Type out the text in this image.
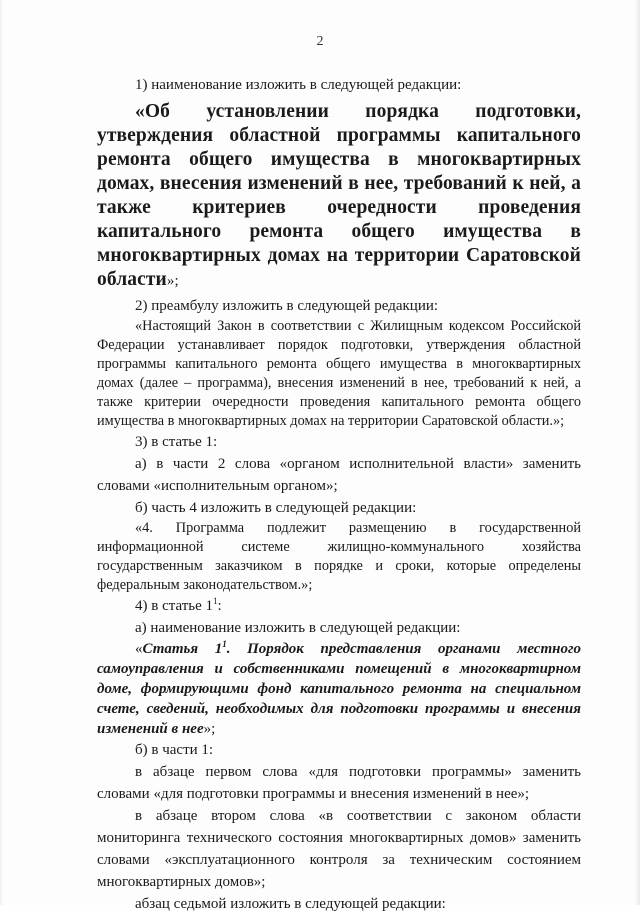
2

1) наименование изложить в следующей редакции:

«Об установлении порядка подготовки, утверждения областной программы капитального ремонта общего имущества в многоквартирных домах, внесения изменений в нее, требований к ней, а также критериев очередности проведения капитального ремонта общего имущества в многоквартирных домах на территории Саратовской области»;

2) преамбулу изложить в следующей редакции:

«Настоящий Закон в соответствии с Жилищным кодексом Российской Федерации устанавливает порядок подготовки, утверждения областной программы капитального ремонта общего имущества в многоквартирных домах (далее – программа), внесения изменений в нее, требований к ней, а также критерии очередности проведения капитального ремонта общего имущества в многоквартирных домах на территории Саратовской области.»;

3) в статье 1:

а) в части 2 слова «органом исполнительной власти» заменить словами «исполнительным органом»;

б) часть 4 изложить в следующей редакции:

«4. Программа подлежит размещению в государственной информационной системе жилищно-коммунального хозяйства государственным заказчиком в порядке и сроки, которые определены федеральным законодательством.»;

4) в статье $1^1$:

а) наименование изложить в следующей редакции:

«Статья $1^1$. Порядок представления органами местного самоуправления и собственниками помещений в многоквартирном доме, формирующими фонд капитального ремонта на специальном счете, сведений, необходимых для подготовки программы и внесения изменений в нее»;

б) в части 1:

в абзаце первом слова «для подготовки программы» заменить словами «для подготовки программы и внесения изменений в нее»;

в абзаце втором слова «в соответствии с законом области мониторинга технического состояния многоквартирных домов» заменить словами «эксплуатационного контроля за техническим состоянием многоквартирных домов»;

абзац седьмой изложить в следующей редакции:
